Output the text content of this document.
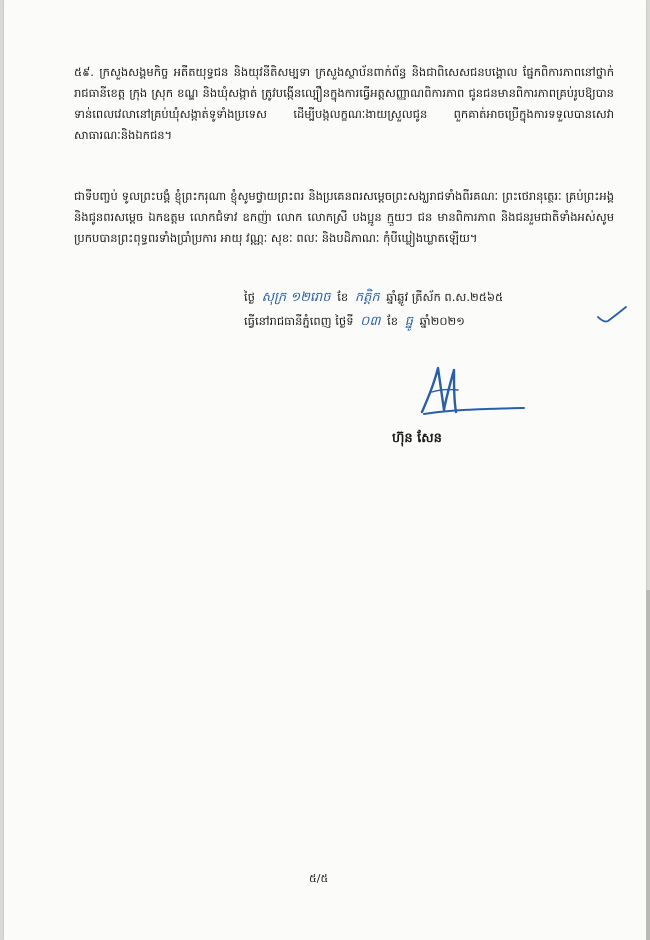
៥៩. ក្រសួងសង្គមកិច្ច អតីតយុទ្ធជន និងយុវនីតិសម្បទា ក្រសួងស្ថាប័នពាក់ព័ន្ធ និងជាពិសេសជនបង្គោល ផ្នែកពិការភាពនៅថ្នាក់រាជធានីខេត្ត ក្រុង ស្រុក ខណ្ឌ និងឃុំសង្កាត់ ត្រូវបង្កើនល្បឿនក្នុងការធ្វើអត្តសញ្ញាណពិការភាព ជូនជនមានពិការភាពគ្រប់រូបឱ្យបានទាន់ពេលវេលានៅគ្រប់ឃុំសង្កាត់ទូទាំងប្រទេស ដើម្បីបង្កលក្ខណៈងាយស្រួលជូន ពួកគាត់អាចប្រើក្នុងការទទួលបានសេវាសាធារណៈនិងឯកជន។

ជាទីបញ្ចប់ ទូលព្រះបង្គំ ខ្ញុំព្រះករុណា ខ្ញុំសូមថ្វាយព្រះពរ និងប្រគេនពរសម្តេចព្រះសង្ឃរាជទាំងពីរគណៈ ព្រះថេរានុត្ថេរៈ គ្រប់ព្រះអង្គ និងជូនពរសម្តេច ឯកឧត្តម លោកជំទាវ ឧកញ៉ា លោក លោកស្រី បងប្អូន ក្មួយៗ ជន មានពិការភាព និងជនរួមជាតិទាំងអស់សូមប្រកបបានព្រះពុទ្ធពរទាំងប្រាំប្រការ អាយុ វណ្ណៈ សុខៈ ពលៈ និងបដិភាណៈ កុំបីឃ្លៀងឃ្លាតឡើយ។

ថ្ងៃ សុក្រ ១២រោច ខែ កត្តិក ឆ្នាំឆ្លូវ ត្រីស័ក ព.ស.២៥៦៥
ធ្វើនៅរាជធានីភ្នំពេញ ថ្ងៃទី ០៣ ខែ ធ្នូ ឆ្នាំ២០២១
ហ៊ុន សែន
៥/៥
